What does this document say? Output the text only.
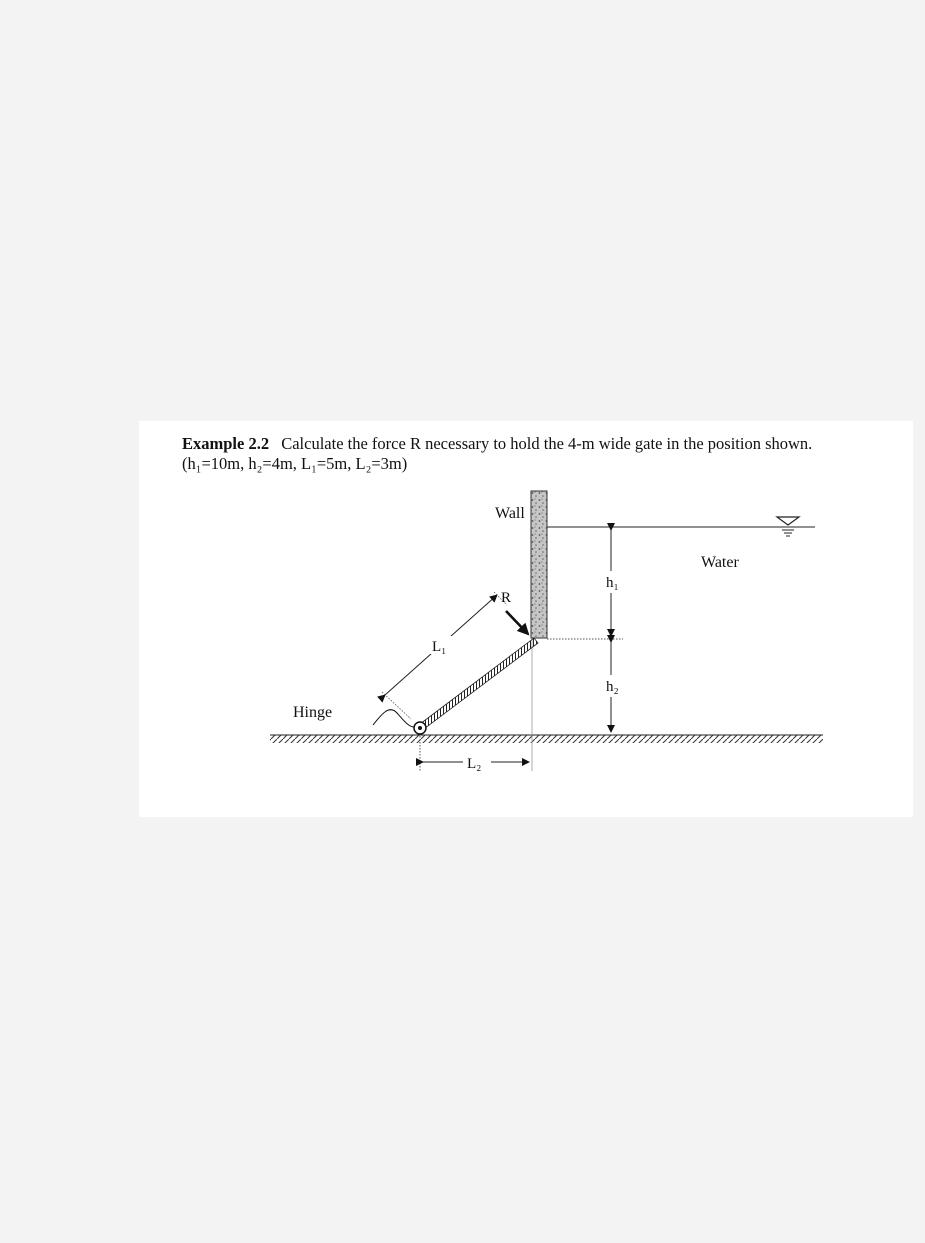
Example 2.2 Calculate the force R necessary to hold the 4-m wide gate in the position shown.
(h₁=10m, h₂=4m, L₁=5m, L₂=3m)

h₁
h₂
L₁
L₂
R
Wall
Water
Hinge
